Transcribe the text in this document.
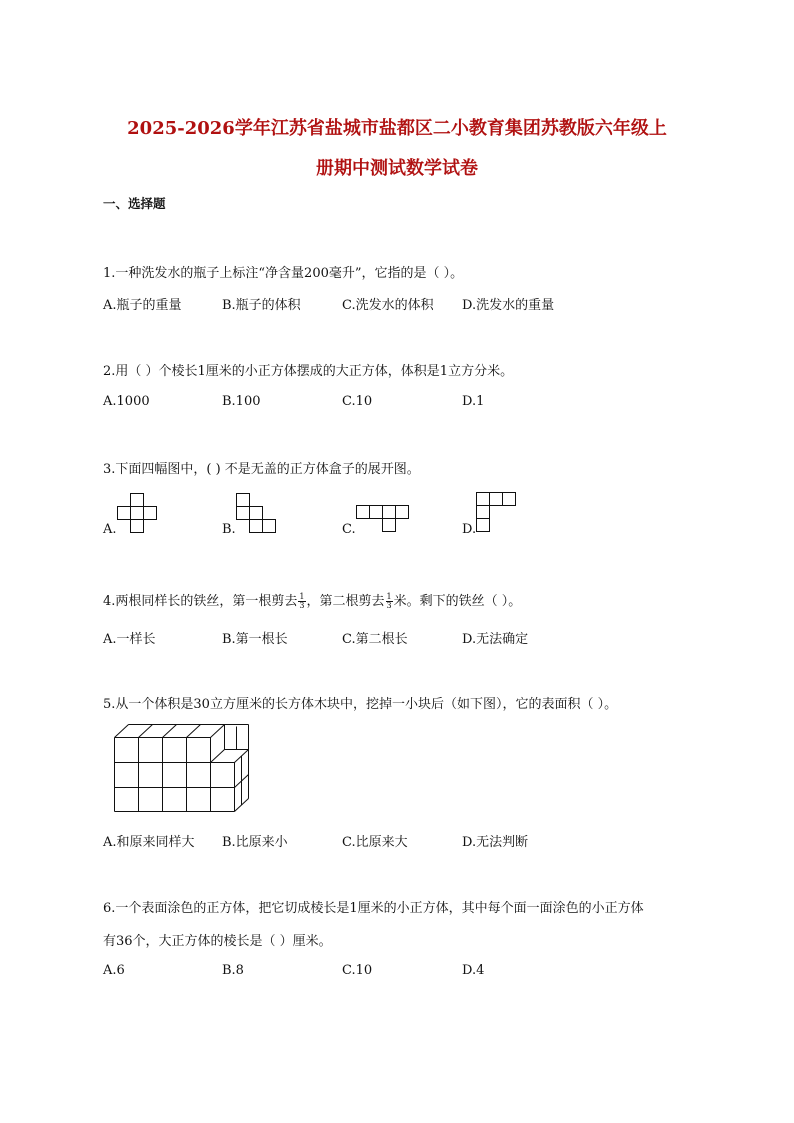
2025-2026学年江苏省盐城市盐都区二小教育集团苏教版六年级上
册期中测试数学试卷
一、选择题
1.一种洗发水的瓶子上标注“净含量200毫升”，它指的是（ ）。
A.瓶子的重量	B.瓶子的体积	C.洗发水的体积 D.洗发水的重量
2.用（ ）个棱长1厘米的小正方体摆成的大正方体，体积是1立方分米。
A.1000	B.100	C.10	D.1
3.下面四幅图中，( ) 不是无盖的正方体盒子的展开图。
A.	B.	C.	D.
4.两根同样长的铁丝，第一根剪去 $\frac{1}{3}$ ，第二根剪去 $\frac{1}{3}$ 米。剩下的铁丝（ ）。
A.一样长	B.第一根长	C.第二根长	D.无法确定
5.从一个体积是30立方厘米的长方体木块中，挖掉一小块后（如下图），它的表面积（ ）。
A.和原来同样大 B.比原来小	C.比原来大	D.无法判断
6.一个表面涂色的正方体，把它切成棱长是1厘米的小正方体，其中每个面一面涂色的小正方体
有36个，大正方体的棱长是（ ）厘米。
A.6	B.8	C.10	D.4
